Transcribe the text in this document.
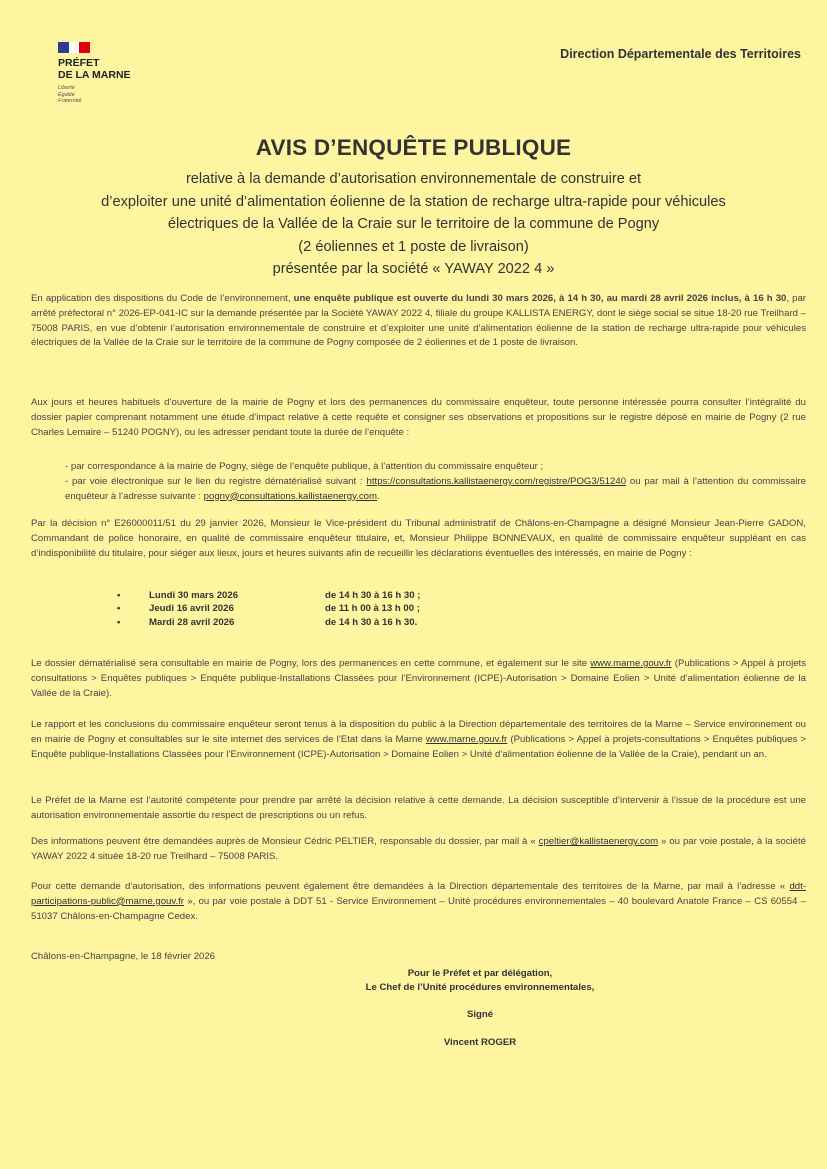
PRÉFET
DE LA MARNE
Liberté
Égalité
Fraternité
Direction Départementale des Territoires
AVIS D’ENQUÊTE PUBLIQUE
relative à la demande d’autorisation environnementale de construire et
d’exploiter une unité d’alimentation éolienne de la station de recharge ultra-rapide pour véhicules
électriques de la Vallée de la Craie sur le territoire de la commune de Pogny
(2 éoliennes et 1 poste de livraison)
présentée par la société « YAWAY 2022 4 »

En application des dispositions du Code de l’environnement, une enquête publique est ouverte du lundi 30 mars 2026, à 14 h 30, au mardi 28 avril 2026 inclus, à 16 h 30, par arrêté préfectoral n° 2026-EP-041-IC sur la demande présentée par la Société YAWAY 2022 4, filiale du groupe KALLISTA ENERGY, dont le siège social se situe 18-20 rue Treilhard – 75008 PARIS, en vue d’obtenir l’autorisation environnementale de construire et d’exploiter une unité d’alimentation éolienne de la station de recharge ultra-rapide pour véhicules électriques de la Vallée de la Craie sur le territoire de la commune de Pogny composée de 2 éoliennes et de 1 poste de livraison.

Aux jours et heures habituels d’ouverture de la mairie de Pogny et lors des permanences du commissaire enquêteur, toute personne intéressée pourra consulter l’intégralité du dossier papier comprenant notamment une étude d’impact relative à cette requête et consigner ses observations et propositions sur le registre déposé en mairie de Pogny (2 rue Charles Lemaire – 51240 POGNY), ou les adresser pendant toute la durée de l’enquête :

- par correspondance à la mairie de Pogny, siège de l’enquête publique, à l’attention du commissaire enquêteur ;

- par voie électronique sur le lien du registre dématérialisé suivant : https://consultations.kallistaenergy.com/registre/POG3/51240 ou par mail à l’attention du commissaire enquêteur à l’adresse suivante : pogny@consultations.kallistaenergy.com.

Par la décision n° E26000011/51 du 29 janvier 2026, Monsieur le Vice-président du Tribunal administratif de Châlons-en-Champagne a désigné Monsieur Jean-Pierre GADON, Commandant de police honoraire, en qualité de commissaire enquêteur titulaire, et, Monsieur Philippe BONNEVAUX, en qualité de commissaire enquêteur suppléant en cas d’indisponibilité du titulaire, pour siéger aux lieux, jours et heures suivants afin de recueillir les déclarations éventuelles des intéressés, en mairie de Pogny :

•	Lundi 30 mars 2026	de 14 h 30 à 16 h 30 ;
•	Jeudi 16 avril 2026	de 11 h 00 à 13 h 00 ;
•	Mardi 28 avril 2026	de 14 h 30 à 16 h 30.

Le dossier dématérialisé sera consultable en mairie de Pogny, lors des permanences en cette commune, et également sur le site www.marne.gouv.fr (Publications > Appel à projets consultations > Enquêtes publiques > Enquête publique-Installations Classées pour l’Environnement (ICPE)-Autorisation > Domaine Eolien > Unité d’alimentation éolienne de la Vallée de la Craie).

Le rapport et les conclusions du commissaire enquêteur seront tenus à la disposition du public à la Direction départementale des territoires de la Marne – Service environnement ou en mairie de Pogny et consultables sur le site internet des services de l’Etat dans la Marne www.marne.gouv.fr (Publications > Appel à projets-consultations > Enquêtes publiques > Enquête publique-Installations Classées pour l’Environnement (ICPE)-Autorisation > Domaine Eolien > Unité d’alimentation éolienne de la Vallée de la Craie), pendant un an.

Le Préfet de la Marne est l’autorité compétente pour prendre par arrêté la décision relative à cette demande. La décision susceptible d’intervenir à l’issue de la procédure est une autorisation environnementale assortie du respect de prescriptions ou un refus.

Des informations peuvent être demandées auprès de Monsieur Cédric PELTIER, responsable du dossier, par mail à « cpeltier@kallistaenergy.com » ou par voie postale, à la société YAWAY 2022 4 située 18-20 rue Treilhard – 75008 PARIS.

Pour cette demande d’autorisation, des informations peuvent également être demandées à la Direction départementale des territoires de la Marne, par mail à l’adresse « ddt-participations-public@marne.gouv.fr », ou par voie postale à DDT 51 - Service Environnement – Unité procédures environnementales – 40 boulevard Anatole France – CS 60554 – 51037 Châlons-en-Champagne Cedex.

Châlons-en-Champagne, le 18 février 2026
Pour le Préfet et par délégation,
Le Chef de l’Unité procédures environnementales,
Signé
Vincent ROGER
